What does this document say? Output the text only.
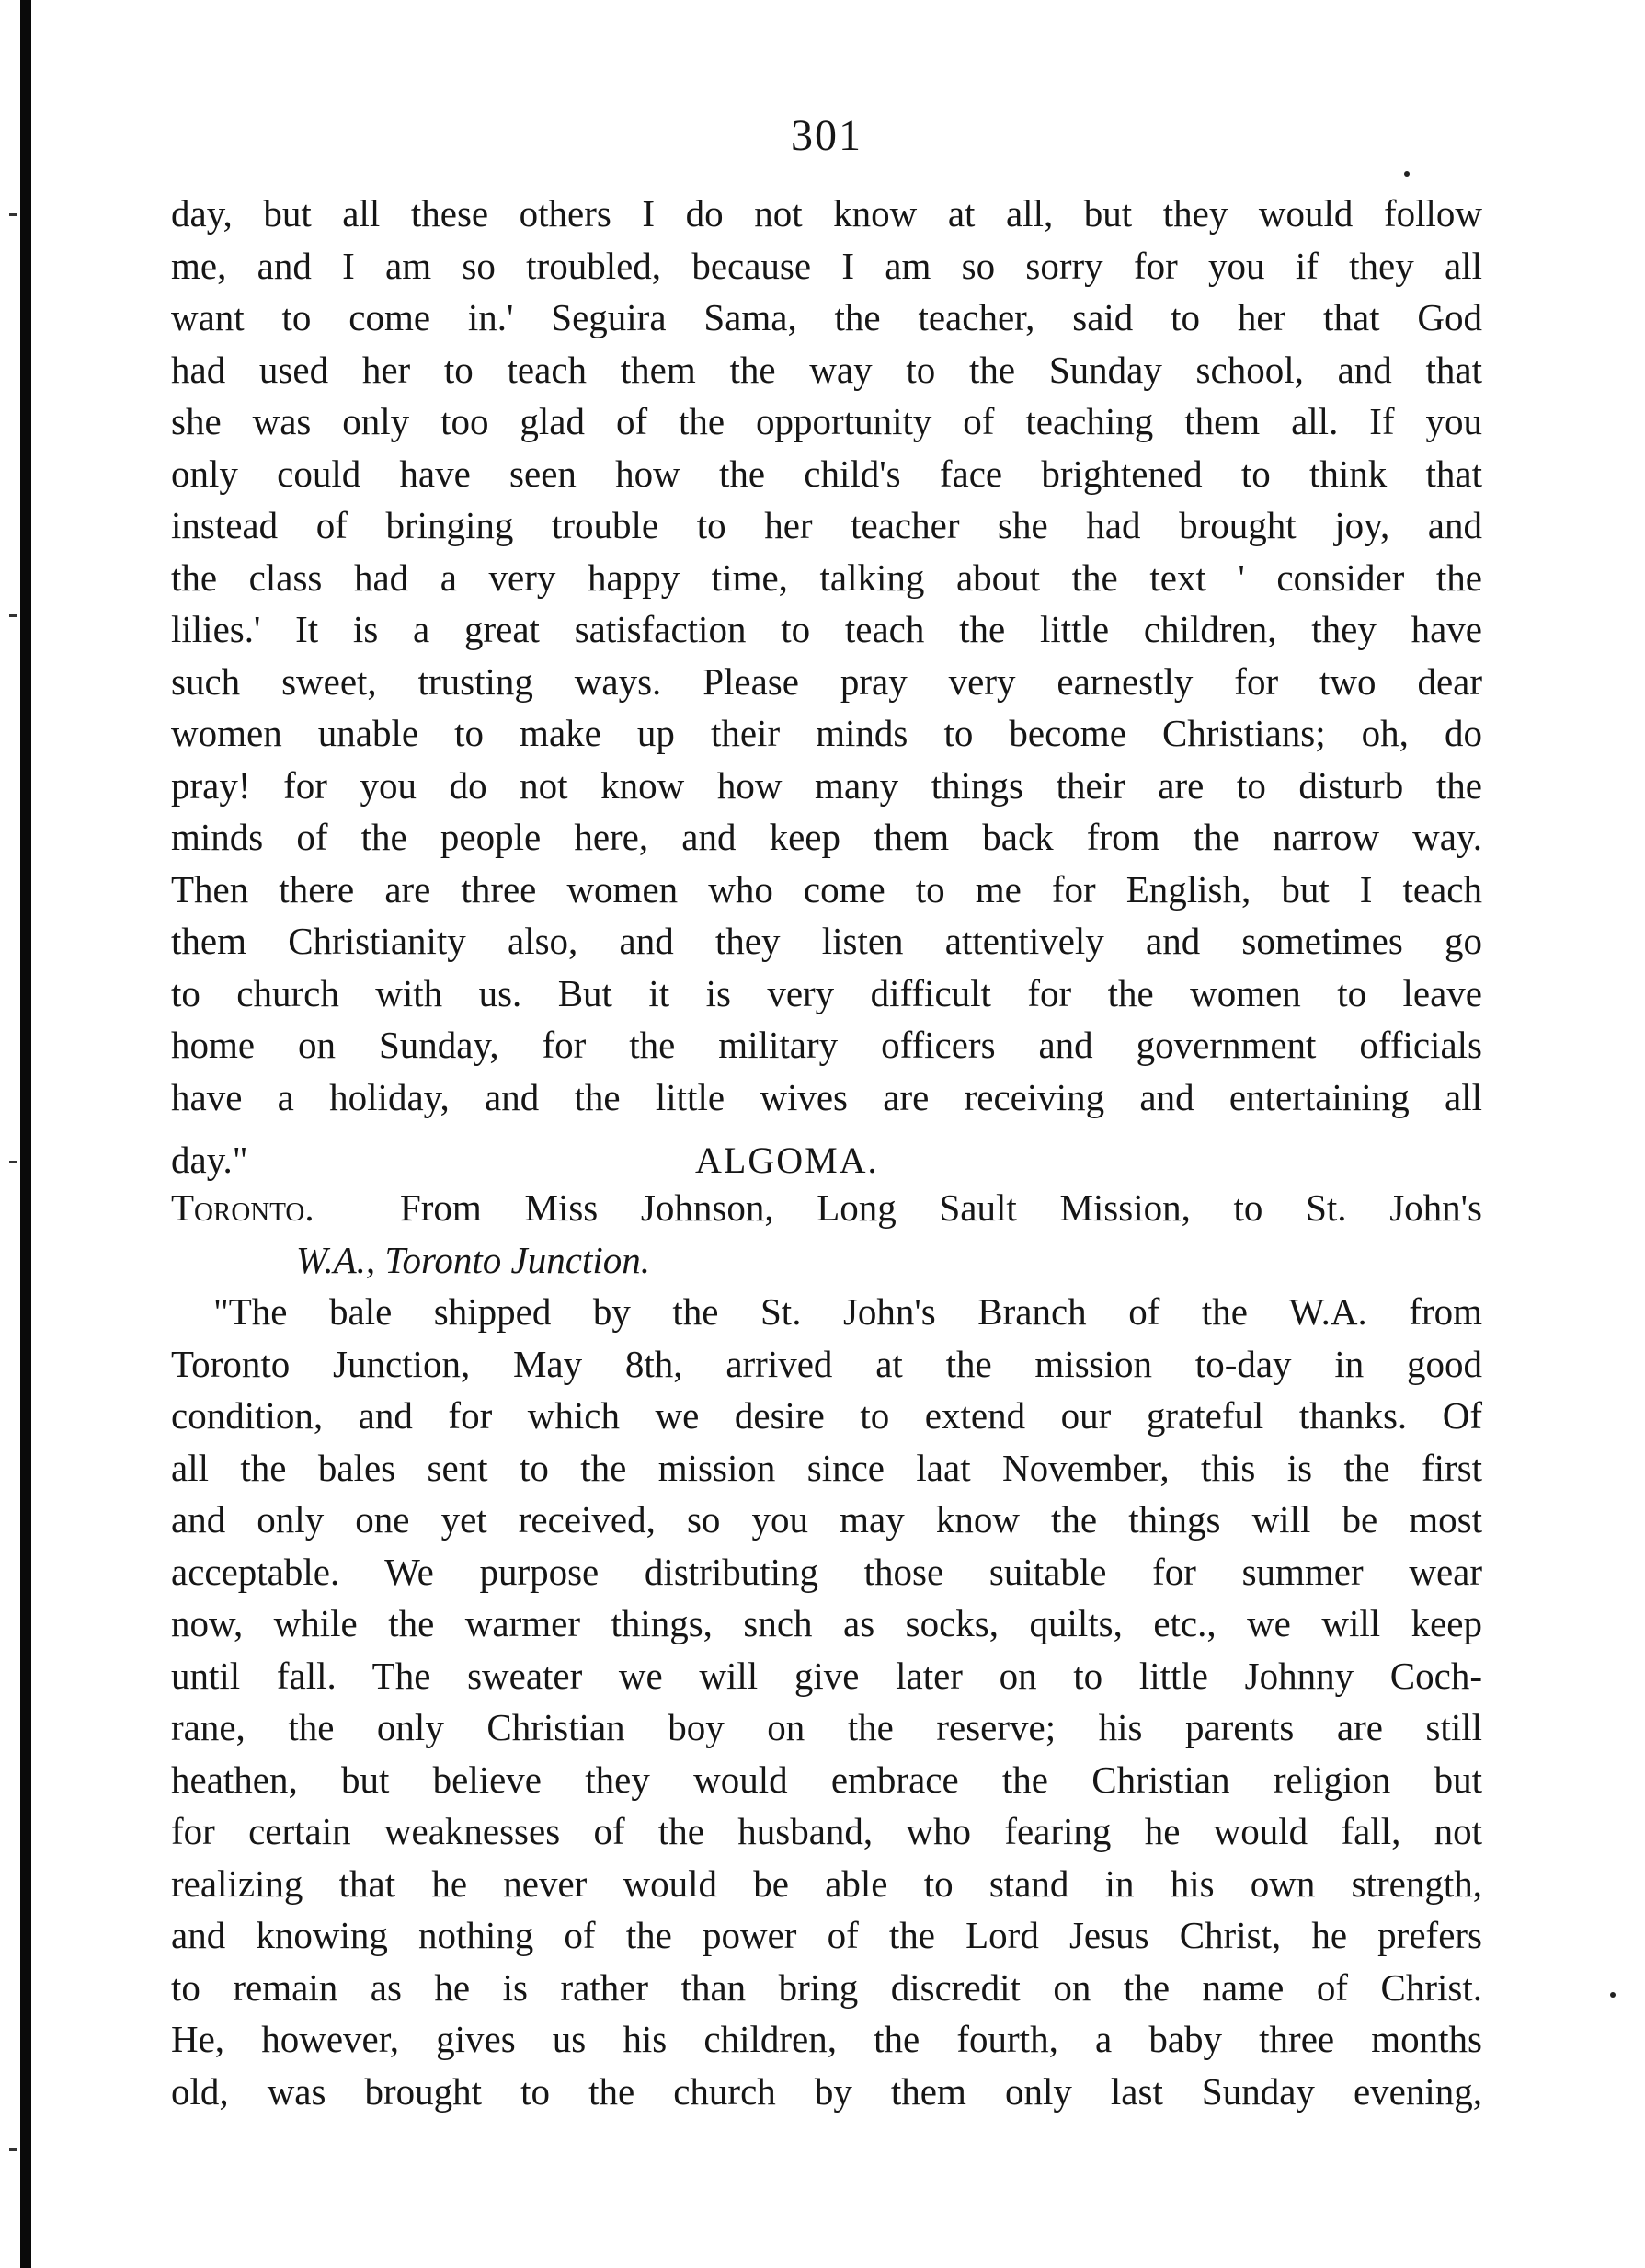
301
day, but all these others I do not know at all, but they would follow
me, and I am so troubled, because I am so sorry for you if they all
want to come in.' Seguira Sama, the teacher, said to her that God
had used her to teach them the way to the Sunday school, and that
she was only too glad of the opportunity of teaching them all. If you
only could have seen how the child's face brightened to think that
instead of bringing trouble to her teacher she had brought joy, and
the class had a very happy time, talking about the text ' consider the
lilies.' It is a great satisfaction to teach the little children, they have
such sweet, trusting ways. Please pray very earnestly for two dear
women unable to make up their minds to become Christians; oh, do
pray! for you do not know how many things their are to disturb the
minds of the people here, and keep them back from the narrow way.
Then there are three women who come to me for English, but I teach
them Christianity also, and they listen attentively and sometimes go
to church with us. But it is very difficult for the women to leave
home on Sunday, for the military officers and government officials
have a holiday, and the little wives are receiving and entertaining all
day."	ALGOMA.
Toronto. From Miss Johnson, Long Sault Mission, to St. John's
W.A., Toronto Junction.
"The bale shipped by the St. John's Branch of the W.A. from
Toronto Junction, May 8th, arrived at the mission to-day in good
condition, and for which we desire to extend our grateful thanks. Of
all the bales sent to the mission since laat November, this is the first
and only one yet received, so you may know the things will be most
acceptable. We purpose distributing those suitable for summer wear
now, while the warmer things, snch as socks, quilts, etc., we will keep
until fall. The sweater we will give later on to little Johnny Coch-
rane, the only Christian boy on the reserve; his parents are still
heathen, but believe they would embrace the Christian religion but
for certain weaknesses of the husband, who fearing he would fall, not
realizing that he never would be able to stand in his own strength,
and knowing nothing of the power of the Lord Jesus Christ, he prefers
to remain as he is rather than bring discredit on the name of Christ.
He, however, gives us his children, the fourth, a baby three months
old, was brought to the church by them only last Sunday evening,
